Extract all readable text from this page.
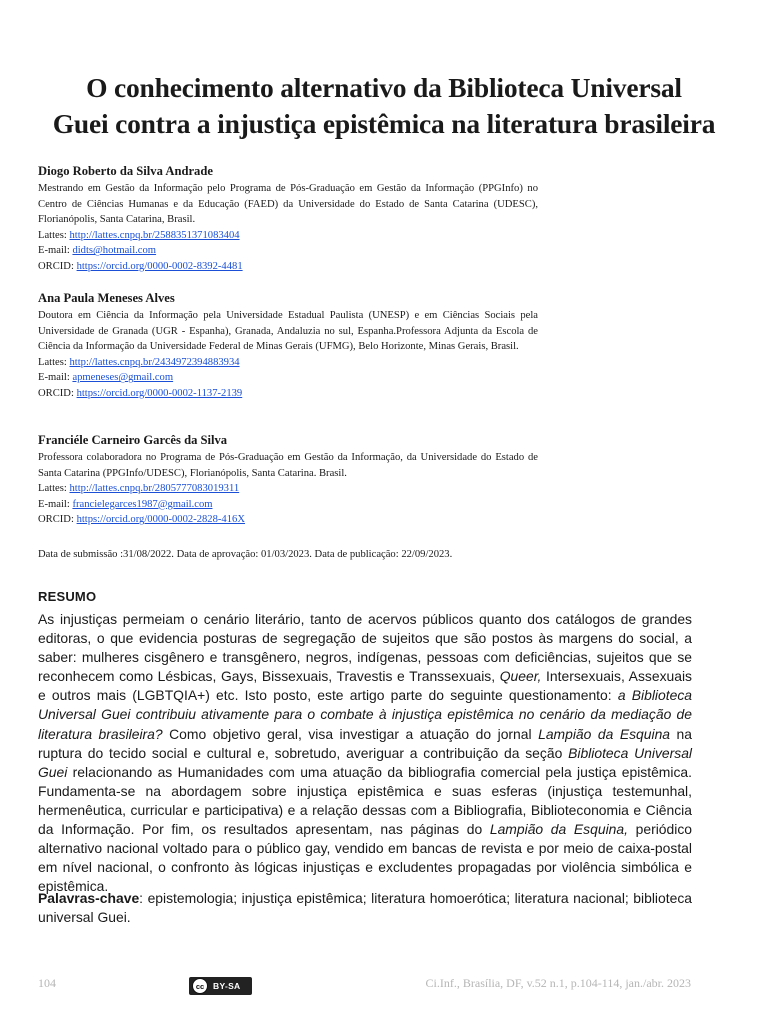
O conhecimento alternativo da Biblioteca Universal
Guei contra a injustiça epistêmica na literatura brasileira
Diogo Roberto da Silva Andrade
Mestrando em Gestão da Informação pelo Programa de Pós-Graduação em Gestão da Informação (PPGInfo) no Centro de Ciências Humanas e da Educação (FAED) da Universidade do Estado de Santa Catarina (UDESC), Florianópolis, Santa Catarina, Brasil.
Lattes: http://lattes.cnpq.br/2588351371083404
E-mail: didts@hotmail.com
ORCID: https://orcid.org/0000-0002-8392-4481
Ana Paula Meneses Alves
Doutora em Ciência da Informação pela Universidade Estadual Paulista (UNESP) e em Ciências Sociais pela Universidade de Granada (UGR - Espanha), Granada, Andaluzia no sul, Espanha.Professora Adjunta da Escola de Ciência da Informação da Universidade Federal de Minas Gerais (UFMG), Belo Horizonte, Minas Gerais, Brasil.
Lattes: http://lattes.cnpq.br/2434972394883934
E-mail: apmeneses@gmail.com
ORCID: https://orcid.org/0000-0002-1137-2139
Franciéle Carneiro Garcês da Silva
Professora colaboradora no Programa de Pós-Graduação em Gestão da Informação, da Universidade do Estado de Santa Catarina (PPGInfo/UDESC), Florianópolis, Santa Catarina. Brasil.
Lattes: http://lattes.cnpq.br/2805777083019311
E-mail: francielegarces1987@gmail.com
ORCID: https://orcid.org/0000-0002-2828-416X
Data de submissão :31/08/2022. Data de aprovação: 01/03/2023. Data de publicação: 22/09/2023.
RESUMO
As injustiças permeiam o cenário literário, tanto de acervos públicos quanto dos catálogos de grandes editoras, o que evidencia posturas de segregação de sujeitos que são postos às margens do social, a saber: mulheres cisgênero e transgênero, negros, indígenas, pessoas com deficiências, sujeitos que se reconhecem como Lésbicas, Gays, Bissexuais, Travestis e Transsexuais, Queer, Intersexuais, Assexuais e outros mais (LGBTQIA+) etc. Isto posto, este artigo parte do seguinte questionamento: a Biblioteca Universal Guei contribuiu ativamente para o combate à injustiça epistêmica no cenário da mediação de literatura brasileira? Como objetivo geral, visa investigar a atuação do jornal Lampião da Esquina na ruptura do tecido social e cultural e, sobretudo, averiguar a contribuição da seção Biblioteca Universal Guei relacionando as Humanidades com uma atuação da bibliografia comercial pela justiça epistêmica. Fundamenta-se na abordagem sobre injustiça epistêmica e suas esferas (injustiça testemunhal, hermenêutica, curricular e participativa) e a relação dessas com a Bibliografia, Biblioteconomia e Ciência da Informação. Por fim, os resultados apresentam, nas páginas do Lampião da Esquina, periódico alternativo nacional voltado para o público gay, vendido em bancas de revista e por meio de caixa-postal em nível nacional, o confronto às lógicas injustiças e excludentes propagadas por violência simbólica e epistêmica.
Palavras-chave: epistemologia; injustiça epistêmica; literatura homoerótica; literatura nacional; biblioteca universal Guei.
104	cc	BY-SA	Ci.Inf., Brasília, DF, v.52 n.1, p.104-114, jan./abr. 2023
